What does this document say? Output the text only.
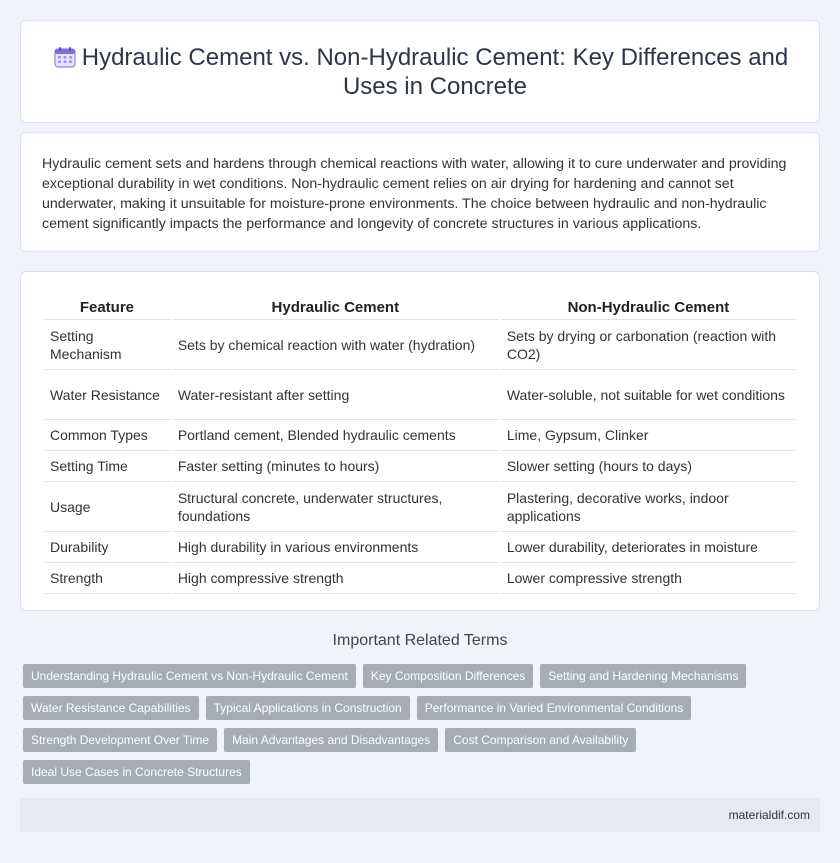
Hydraulic Cement vs. Non-Hydraulic Cement: Key Differences and Uses in Concrete

Hydraulic cement sets and hardens through chemical reactions with water, allowing it to cure underwater and providing exceptional durability in wet conditions. Non-hydraulic cement relies on air drying for hardening and cannot set underwater, making it unsuitable for moisture-prone environments. The choice between hydraulic and non-hydraulic cement significantly impacts the performance and longevity of concrete structures in various applications.

Feature	Hydraulic Cement	Non-Hydraulic Cement
Setting Mechanism	Sets by chemical reaction with water (hydration)	Sets by drying or carbonation (reaction with CO2)
Water Resistance	Water-resistant after setting	Water-soluble, not suitable for wet conditions
Common Types	Portland cement, Blended hydraulic cements	Lime, Gypsum, Clinker
Setting Time	Faster setting (minutes to hours)	Slower setting (hours to days)
Usage	Structural concrete, underwater structures, foundations	Plastering, decorative works, indoor applications
Durability	High durability in various environments	Lower durability, deteriorates in moisture
Strength	High compressive strength	Lower compressive strength
Important Related Terms
Understanding Hydraulic Cement vs Non-Hydraulic Cement	Key Composition Differences	Setting and Hardening Mechanisms
Water Resistance Capabilities	Typical Applications in Construction	Performance in Varied Environmental Conditions
Strength Development Over Time	Main Advantages and Disadvantages	Cost Comparison and Availability
Ideal Use Cases in Concrete Structures
materialdif.com
